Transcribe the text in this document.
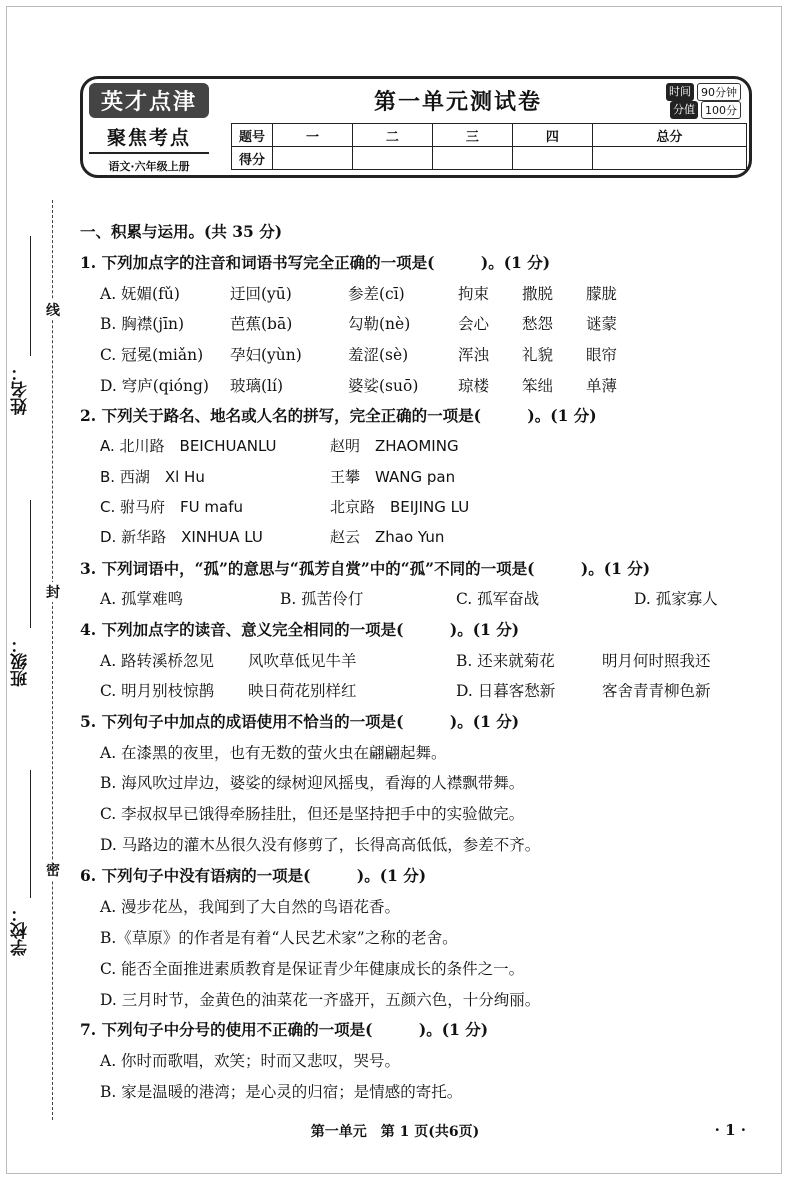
英才点津
聚焦考点
语文·六年级上册
第一单元测试卷	时间 90分钟
分值 100分
题号	一	二	三	四	总分
得分					
线
封
密
姓名：
班级：
学校：
一、积累与运用。(共 35 分)
1. 下列加点字的注音和词语书写完全正确的一项是(　　　)。(1 分)
A. 妩媚(fǔ)	迂回(yū)	参差(cī)	拘束 撒脱 朦胧
B. 胸襟(jīn)	芭蕉(bā)	勾勒(nè)	会心 愁怨 谜蒙
C. 冠冕(miǎn) 孕妇(yùn)	羞涩(sè)	浑浊 礼貌 眼帘
D. 穹庐(qióng) 玻璃(lí)	婆娑(suō)	琼楼 笨绌 单薄
2. 下列关于路名、地名或人名的拼写，完全正确的一项是(　　　)。(1 分)
A. 北川路　BEICHUANLU	赵明　ZHAOMING
B. 西湖　Xl Hu	王攀　WANG pan
C. 驸马府　FU mafu	北京路　BEIJING LU
D. 新华路　XINHUA LU	赵云　Zhao Yun
3. 下列词语中，“孤”的意思与“孤芳自赏”中的“孤”不同的一项是(　　　)。(1 分)
A. 孤掌难鸣	B. 孤苦伶仃	C. 孤军奋战	D. 孤家寡人
4. 下列加点字的读音、意义完全相同的一项是(　　　)。(1 分)
A. 路转溪桥忽见 风吹草低见牛羊	B. 还来就菊花	明月何时照我还
C. 明月别枝惊鹊 映日荷花别样红	D. 日暮客愁新	客舍青青柳色新
5. 下列句子中加点的成语使用不恰当的一项是(　　　)。(1 分)
A. 在漆黑的夜里，也有无数的萤火虫在翩翩起舞。
B. 海风吹过岸边，婆娑的绿树迎风摇曳，看海的人襟飘带舞。
C. 李叔叔早已饿得牵肠挂肚，但还是坚持把手中的实验做完。
D. 马路边的灌木丛很久没有修剪了，长得高高低低，参差不齐。
6. 下列句子中没有语病的一项是(　　　)。(1 分)
A. 漫步花丛，我闻到了大自然的鸟语花香。
B.《草原》的作者是有着“人民艺术家”之称的老舍。
C. 能否全面推进素质教育是保证青少年健康成长的条件之一。
D. 三月时节，金黄色的油菜花一齐盛开，五颜六色，十分绚丽。
7. 下列句子中分号的使用不正确的一项是(　　　)。(1 分)
A. 你时而歌唱，欢笑；时而又悲叹，哭号。
B. 家是温暖的港湾；是心灵的归宿；是情感的寄托。
第一单元　第 1 页(共6页)	· 1 ·
